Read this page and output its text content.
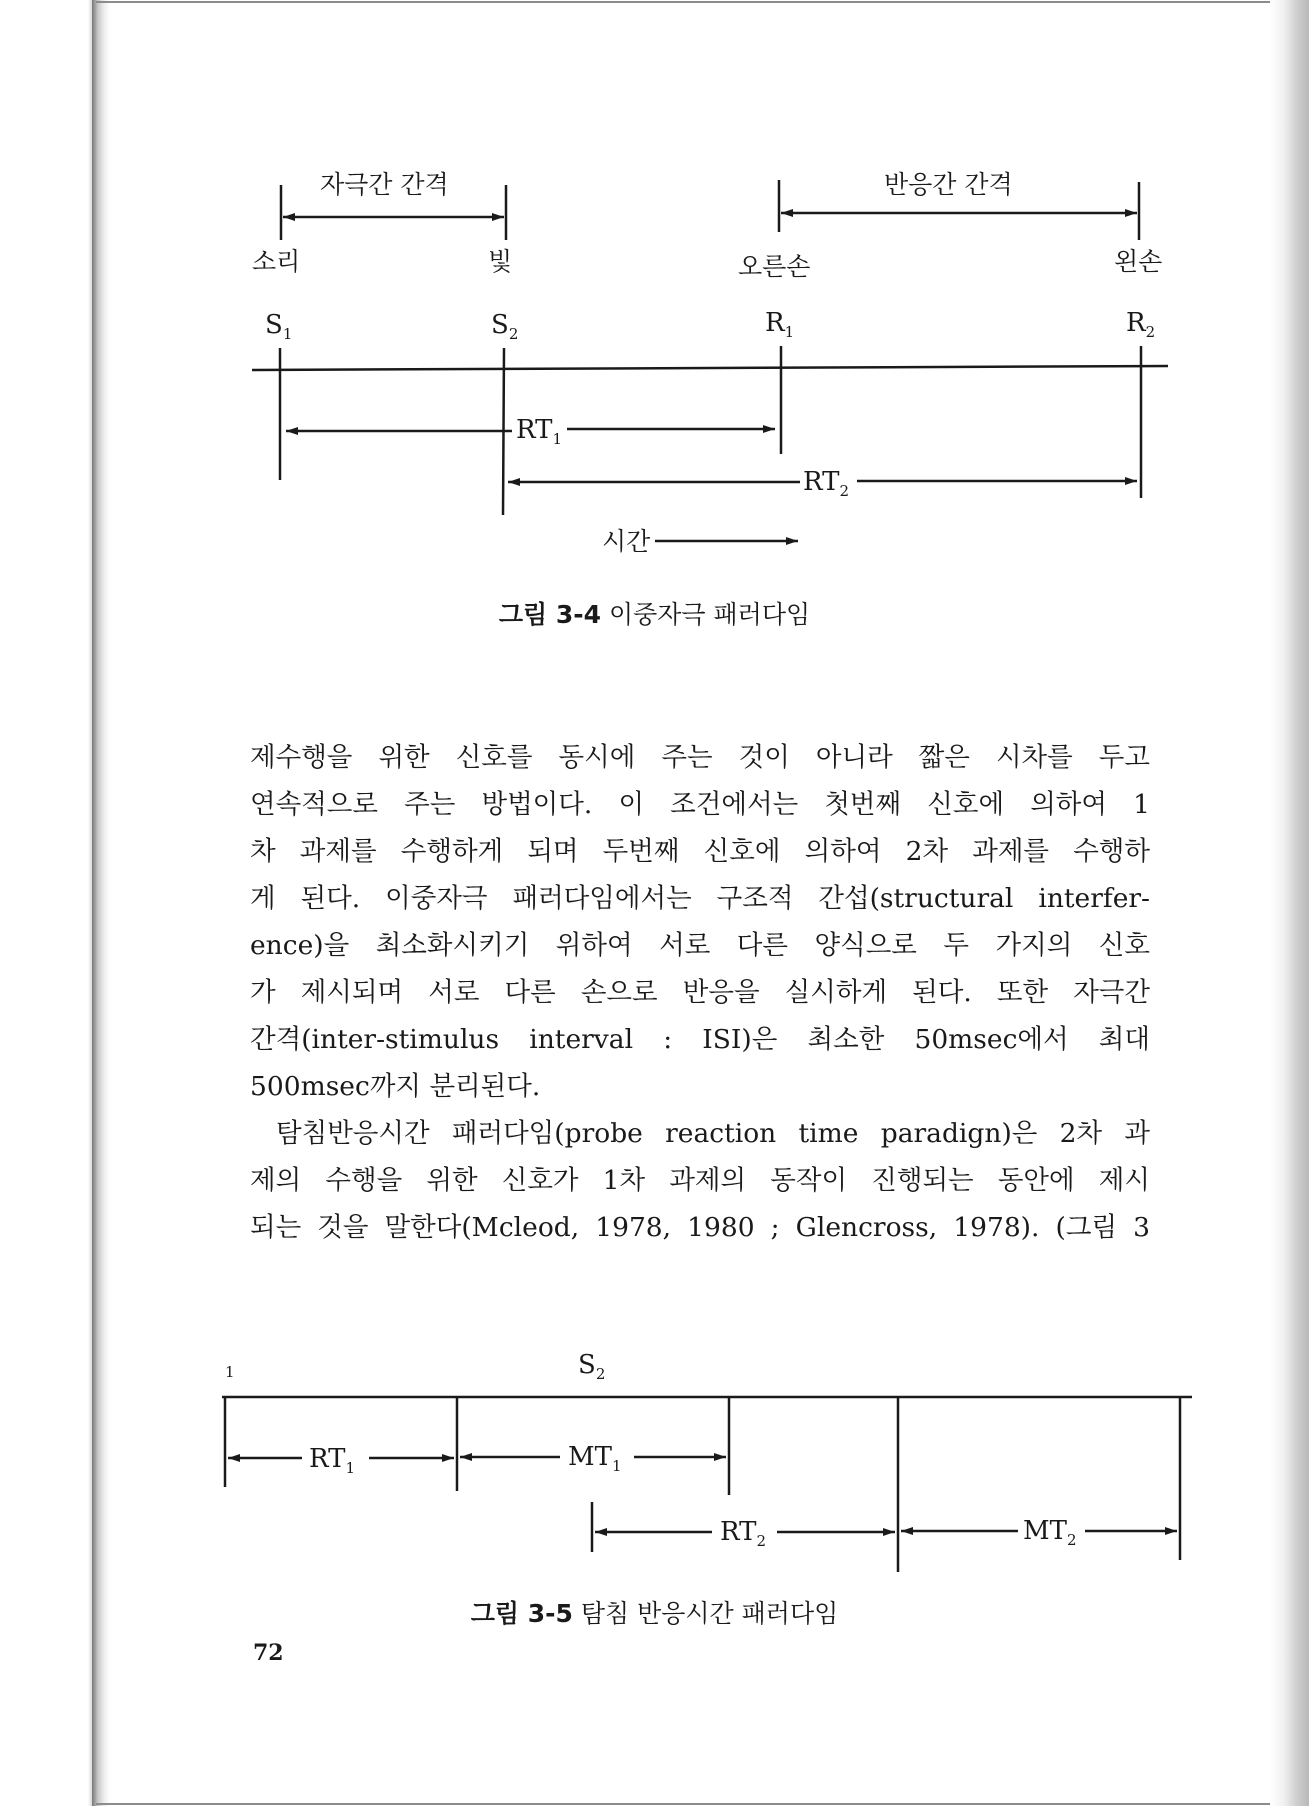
자극간 간격	반응간 간격
소리	빛	오른손	왼손
$S_1$	$S_2$	$R_1$	$R_2$
$RT_1$
$RT_2$
시간
그림 3-4 이중자극 패러다임

제수행을 위한 신호를 동시에 주는 것이 아니라 짧은 시차를 두고
연속적으로 주는 방법이다. 이 조건에서는 첫번째 신호에 의하여 1
차 과제를 수행하게 되며 두번째 신호에 의하여 2차 과제를 수행하
게 된다. 이중자극 패러다임에서는 구조적 간섭(structural interfer-
ence)을 최소화시키기 위하여 서로 다른 양식으로 두 가지의 신호
가 제시되며 서로 다른 손으로 반응을 실시하게 된다. 또한 자극간
간격(inter-stimulus interval : ISI)은 최소한 50msec에서 최대
500msec까지 분리된다.

탐침반응시간 패러다임(probe reaction time paradign)은 2차 과
제의 수행을 위한 신호가 1차 과제의 동작이 진행되는 동안에 제시
되는 것을 말한다(Mcleod, 1978, 1980 ; Glencross, 1978). (그림 3

1	$S_2$
$RT_1$	$MT_1$
$RT_2$	$MT_2$
그림 3-5 탐침 반응시간 패러다임
72
